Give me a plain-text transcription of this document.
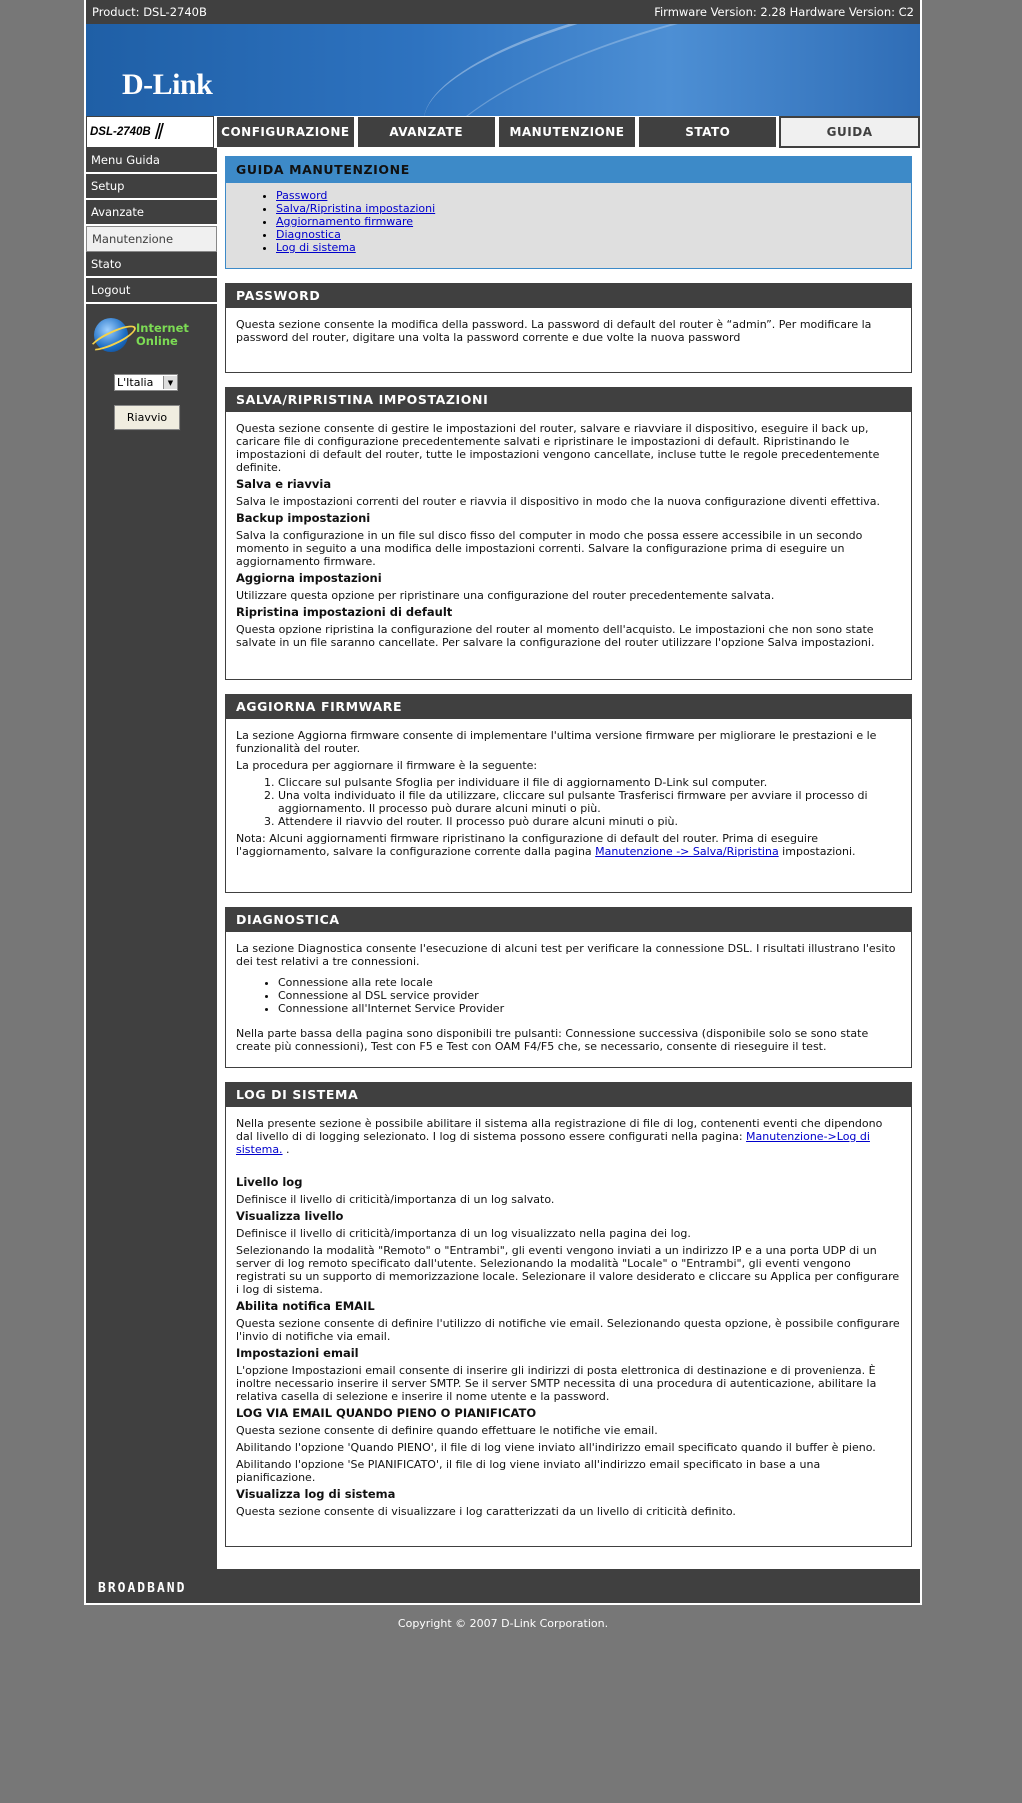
Product: DSL-2740B	Firmware Version: 2.28 Hardware Version: C2
D-Link
DSL-2740B //	CONFIGURAZIONE	AVANZATE	MANUTENZIONE	STATO	GUIDA
Menu Guida
Setup
Avanzate
Manutenzione
Stato
Logout
Internet
Online
L'Italia	▼
Riavvio
GUIDA MANUTENZIONE
• Password
• Salva/Ripristina impostazioni
• Aggiornamento firmware
• Diagnostica
• Log di sistema
PASSWORD

Questa sezione consente la modifica della password. La password di default del router è “admin”. Per modificare la password del router, digitare una volta la password corrente e due volte la nuova password

SALVA/RIPRISTINA IMPOSTAZIONI

Questa sezione consente di gestire le impostazioni del router, salvare e riavviare il dispositivo, eseguire il back up, caricare file di configurazione precedentemente salvati e ripristinare le impostazioni di default. Ripristinando le impostazioni di default del router, tutte le impostazioni vengono cancellate, incluse tutte le regole precedentemente definite.

Salva e riavvia

Salva le impostazioni correnti del router e riavvia il dispositivo in modo che la nuova configurazione diventi effettiva.

Backup impostazioni

Salva la configurazione in un file sul disco fisso del computer in modo che possa essere accessibile in un secondo momento in seguito a una modifica delle impostazioni correnti. Salvare la configurazione prima di eseguire un aggiornamento firmware.

Aggiorna impostazioni

Utilizzare questa opzione per ripristinare una configurazione del router precedentemente salvata.

Ripristina impostazioni di default

Questa opzione ripristina la configurazione del router al momento dell'acquisto. Le impostazioni che non sono state salvate in un file saranno cancellate. Per salvare la configurazione del router utilizzare l'opzione Salva impostazioni.

AGGIORNA FIRMWARE

La sezione Aggiorna firmware consente di implementare l'ultima versione firmware per migliorare le prestazioni e le funzionalità del router.

La procedura per aggiornare il firmware è la seguente:

1. Cliccare sul pulsante Sfoglia per individuare il file di aggiornamento D-Link sul computer.
2. Una volta individuato il file da utilizzare, cliccare sul pulsante Trasferisci firmware per avviare il processo di aggiornamento. Il processo può durare alcuni minuti o più.
3. Attendere il riavvio del router. Il processo può durare alcuni minuti o più.

Nota: Alcuni aggiornamenti firmware ripristinano la configurazione di default del router. Prima di eseguire l'aggiornamento, salvare la configurazione corrente dalla pagina Manutenzione -> Salva/Ripristina impostazioni.

DIAGNOSTICA

La sezione Diagnostica consente l'esecuzione di alcuni test per verificare la connessione DSL. I risultati illustrano l'esito dei test relativi a tre connessioni.

• Connessione alla rete locale
• Connessione al DSL service provider
• Connessione all'Internet Service Provider

Nella parte bassa della pagina sono disponibili tre pulsanti: Connessione successiva (disponibile solo se sono state create più connessioni), Test con F5 e Test con OAM F4/F5 che, se necessario, consente di rieseguire il test.

LOG DI SISTEMA

Nella presente sezione è possibile abilitare il sistema alla registrazione di file di log, contenenti eventi che dipendono dal livello di di logging selezionato. I log di sistema possono essere configurati nella pagina: Manutenzione->Log di sistema. .

Livello log

Definisce il livello di criticità/importanza di un log salvato.

Visualizza livello

Definisce il livello di criticità/importanza di un log visualizzato nella pagina dei log.

Selezionando la modalità "Remoto" o "Entrambi", gli eventi vengono inviati a un indirizzo IP e a una porta UDP di un server di log remoto specificato dall'utente. Selezionando la modalità "Locale" o "Entrambi", gli eventi vengono registrati su un supporto di memorizzazione locale. Selezionare il valore desiderato e cliccare su Applica per configurare i log di sistema.

Abilita notifica EMAIL

Questa sezione consente di definire l'utilizzo di notifiche vie email. Selezionando questa opzione, è possibile configurare l'invio di notifiche via email.

Impostazioni email

L'opzione Impostazioni email consente di inserire gli indirizzi di posta elettronica di destinazione e di provenienza. È inoltre necessario inserire il server SMTP. Se il server SMTP necessita di una procedura di autenticazione, abilitare la relativa casella di selezione e inserire il nome utente e la password.

LOG VIA EMAIL QUANDO PIENO O PIANIFICATO

Questa sezione consente di definire quando effettuare le notifiche vie email.

Abilitando l'opzione 'Quando PIENO', il file di log viene inviato all'indirizzo email specificato quando il buffer è pieno.

Abilitando l'opzione 'Se PIANIFICATO', il file di log viene inviato all'indirizzo email specificato in base a una pianificazione.

Visualizza log di sistema

Questa sezione consente di visualizzare i log caratterizzati da un livello di criticità definito.

BROADBAND
Copyright © 2007 D-Link Corporation.
